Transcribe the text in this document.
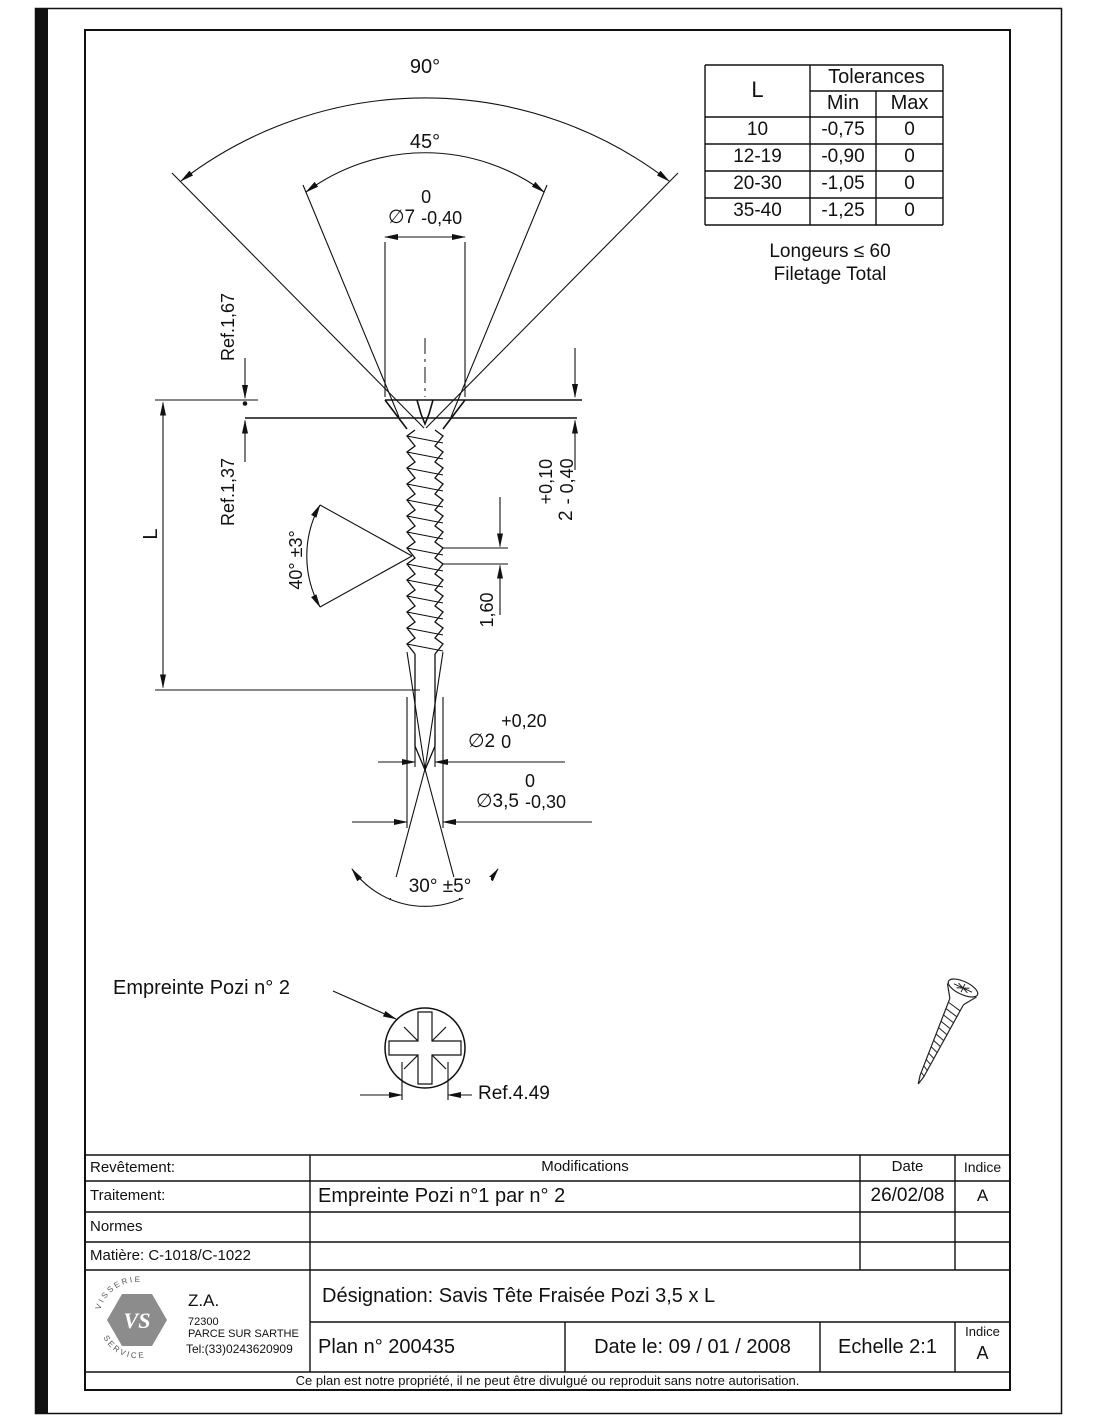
VS
V I S S E R I E
S E R V I C E
90°
45°
∅7
0
-0,40
Ref.1,67
Ref.1,37
L	40° ±3°
2
+0,10 - 0,40
1,60
∅2
+0,20
0
∅3,5
0
-0,30
30° ±5°
Empreinte Pozi n° 2
Ref.4.49
L	Tolerances
Min	Max
10	-0,75	0
12-19	-0,90	0
20-30	-1,05	0
35-40	-1,25	0
Longeurs ≤ 60
Filetage Total
Revêtement:	Modifications	Date	Indice
Traitement:	Empreinte Pozi n°1 par n° 2	26/02/08	A
Normes
Matière: C-1018/C-1022
Désignation: Savis Tête Fraisée Pozi 3,5 x L
Plan n° 200435	Date le: 09 / 01 / 2008	Echelle 2:1
Indice
A
Z.A.
72300
PARCE SUR SARTHE
Tel:(33)0243620909
Ce plan est notre propriété, il ne peut être divulgué ou reproduit sans notre autorisation.
